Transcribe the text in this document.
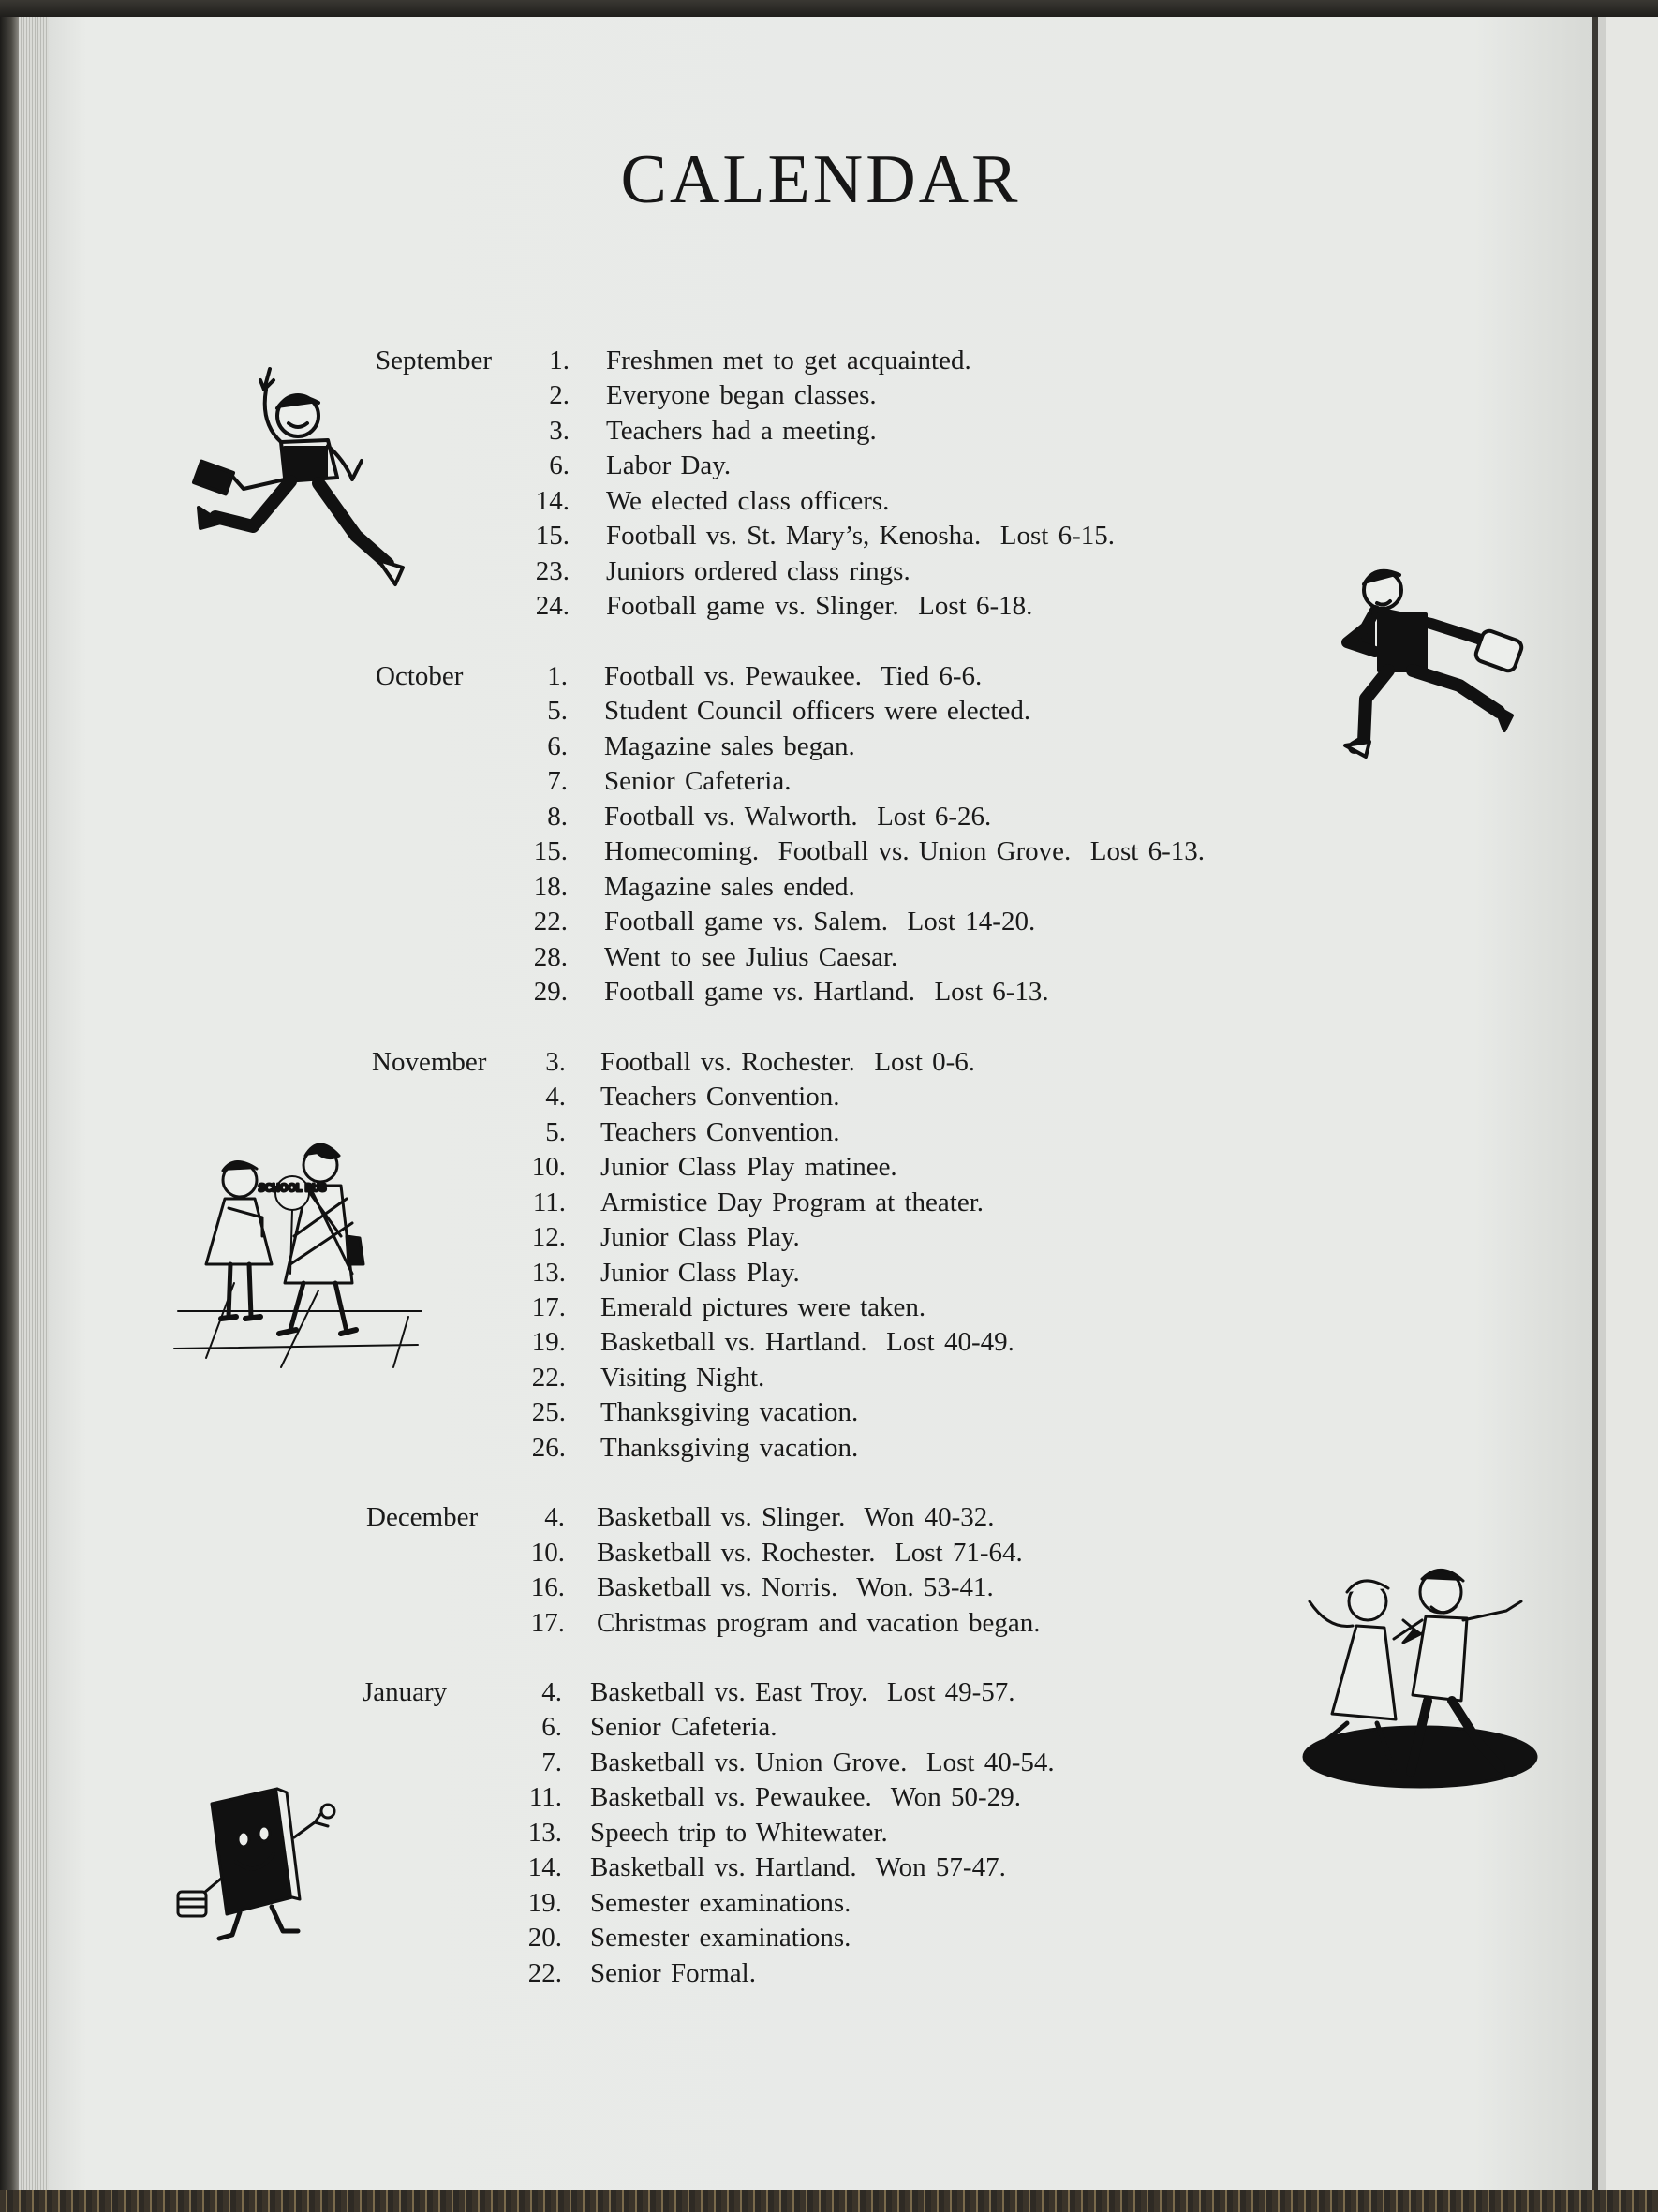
CALENDAR
September	1. Freshmen met to get acquainted.
2. Everyone began classes.
3. Teachers had a meeting.
6. Labor Day.
14. We elected class officers.
15. Football vs. St. Mary’s, Kenosha.  Lost 6-15.
23. Juniors ordered class rings.
24. Football game vs. Slinger.  Lost 6-18.
October	1. Football vs. Pewaukee.  Tied 6-6.
5. Student Council officers were elected.
6. Magazine sales began.
7. Senior Cafeteria.
8. Football vs. Walworth.  Lost 6-26.
15. Homecoming.  Football vs. Union Grove.  Lost 6-13.
18. Magazine sales ended.
22. Football game vs. Salem.  Lost 14-20.
28. Went to see Julius Caesar.
29. Football game vs. Hartland.  Lost 6-13.
November	3. Football vs. Rochester.  Lost 0-6.
4. Teachers Convention.
5. Teachers Convention.
10. Junior Class Play matinee.
11. Armistice Day Program at theater.
12. Junior Class Play.
13. Junior Class Play.
17. Emerald pictures were taken.
19. Basketball vs. Hartland.  Lost 40-49.
22. Visiting Night.
25. Thanksgiving vacation.
26. Thanksgiving vacation.
December	4. Basketball vs. Slinger.  Won 40-32.
10. Basketball vs. Rochester.  Lost 71-64.
16. Basketball vs. Norris.  Won. 53-41.
17. Christmas program and vacation began.
January	4. Basketball vs. East Troy.  Lost 49-57.
6. Senior Cafeteria.
7. Basketball vs. Union Grove.  Lost 40-54.
11. Basketball vs. Pewaukee.  Won 50-29.
13. Speech trip to Whitewater.
14. Basketball vs. Hartland.  Won 57-47.
19. Semester examinations.
20. Semester examinations.
22. Senior Formal.
SCHOOL BUS
